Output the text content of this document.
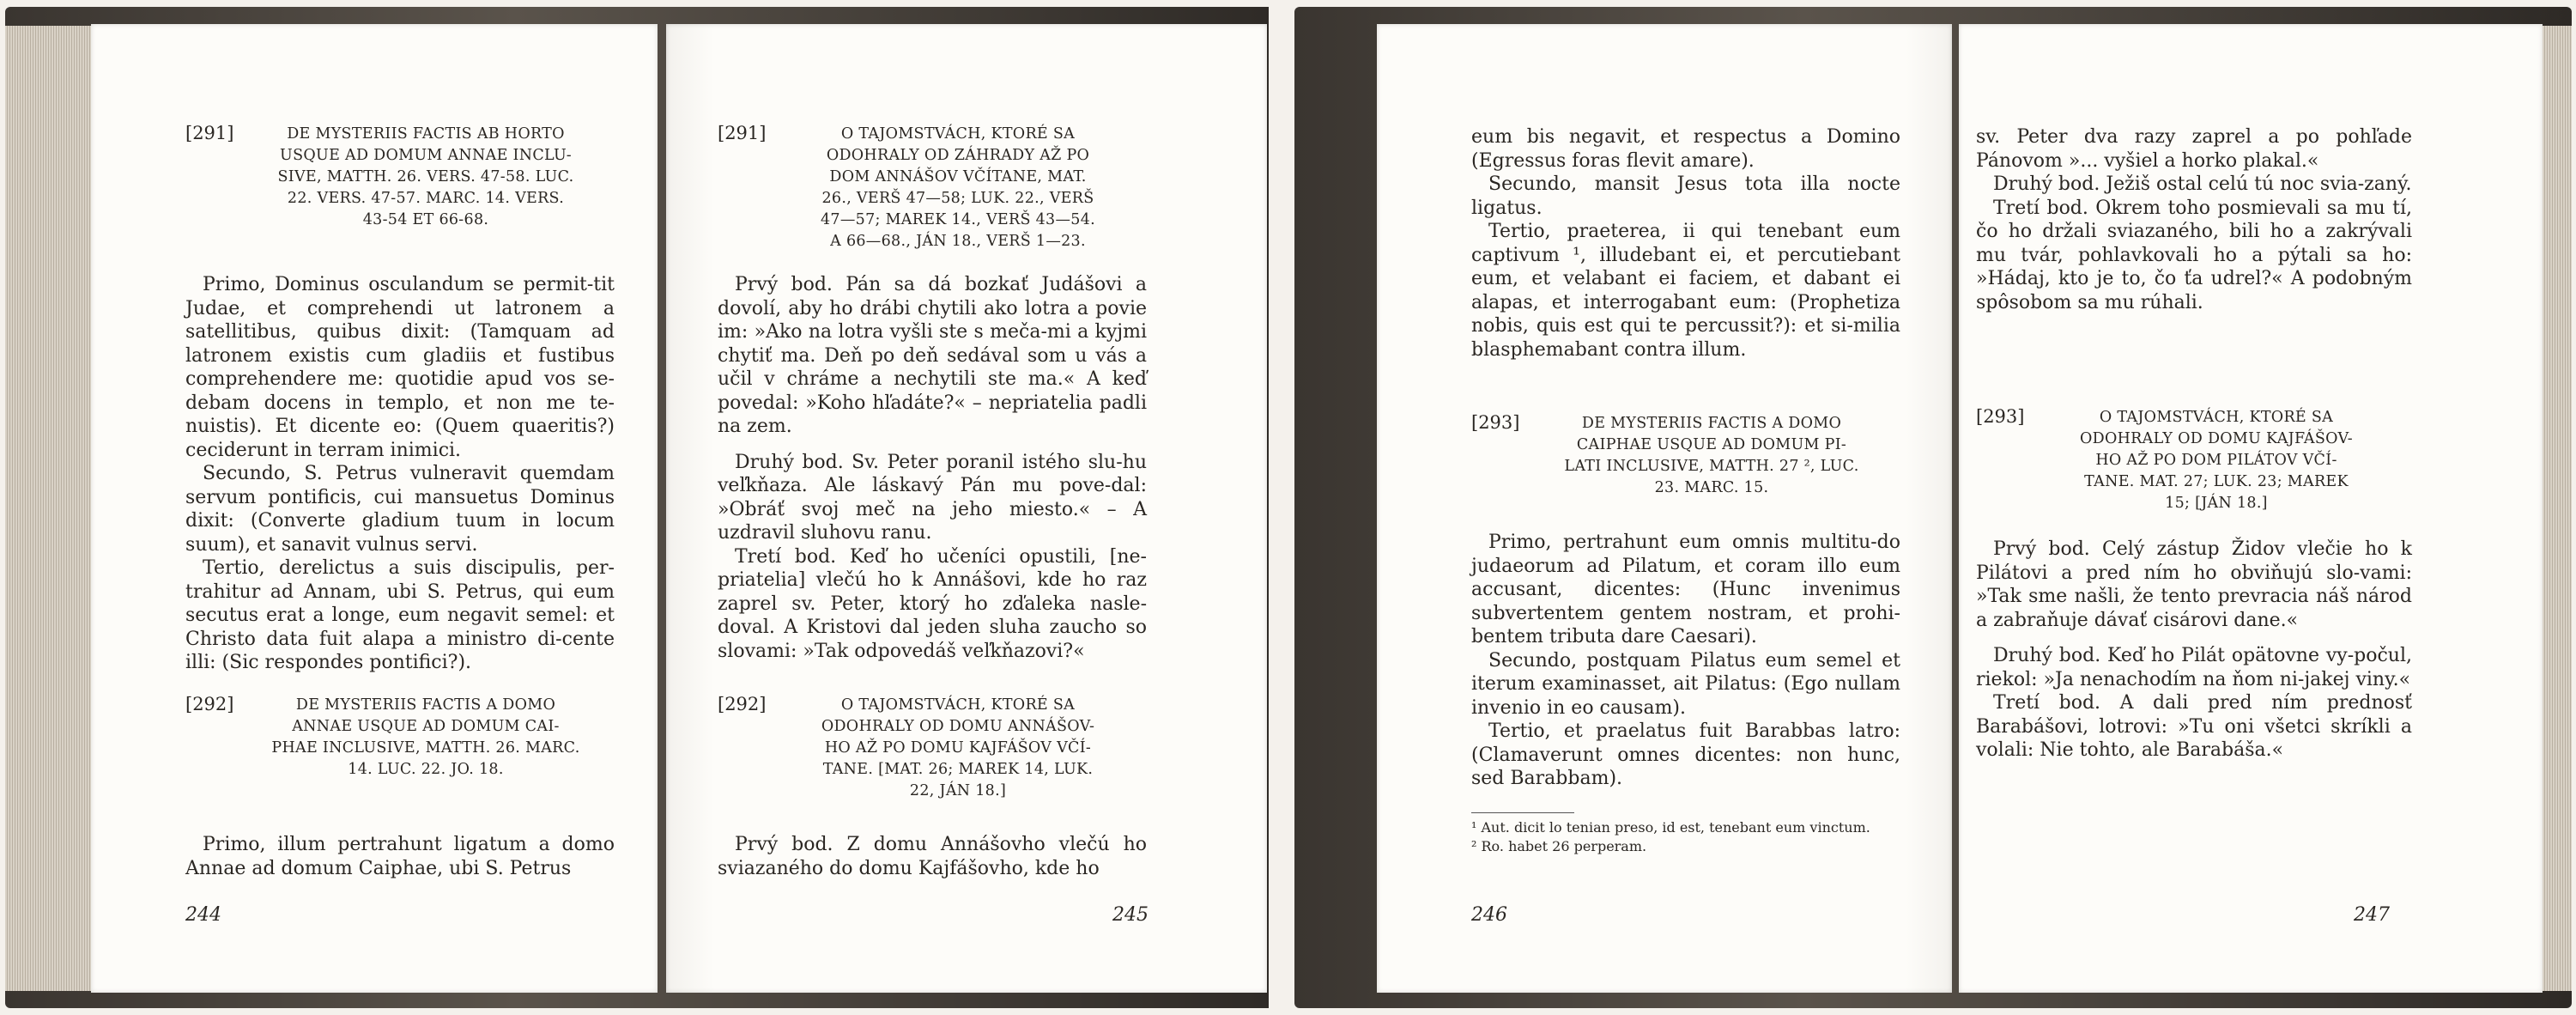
[291]	DE MYSTERIIS FACTIS AB HORTO
USQUE AD DOMUM ANNAE INCLU-
SIVE, MATTH. 26. VERS. 47-58. LUC.
22. VERS. 47-57. MARC. 14. VERS.
43-54 ET 66-68.

Primo, Dominus osculandum se permit-tit Judae, et comprehendi ut latronem a satellitibus, quibus dixit: (Tamquam ad latronem existis cum gladiis et fustibus comprehendere me: quotidie apud vos se-debam docens in templo, et non me te-nuistis). Et dicente eo: (Quem quaeritis?) ceciderunt in terram inimici.

Secundo, S. Petrus vulneravit quemdam servum pontificis, cui mansuetus Dominus dixit: (Converte gladium tuum in locum suum), et sanavit vulnus servi.

Tertio, derelictus a suis discipulis, per-trahitur ad Annam, ubi S. Petrus, qui eum secutus erat a longe, eum negavit semel: et Christo data fuit alapa a ministro di-cente illi: (Sic respondes pontifici?).

[292]	DE MYSTERIIS FACTIS A DOMO
ANNAE USQUE AD DOMUM CAI-
PHAE INCLUSIVE, MATTH. 26. MARC.
14. LUC. 22. JO. 18.

Primo, illum pertrahunt ligatum a domo Annae ad domum Caiphae, ubi S. Petrus

244
[291]	O TAJOMSTVÁCH, KTORÉ SA
ODOHRALY OD ZÁHRADY AŽ PO
DOM ANNÁŠOV VČÍTANE, MAT.
26., VERŠ 47—58; LUK. 22., VERŠ
47—57; MAREK 14., VERŠ 43—54.
A 66—68., JÁN 18., VERŠ 1—23.

Prvý bod. Pán sa dá bozkať Judášovi a dovolí, aby ho drábi chytili ako lotra a povie im: »Ako na lotra vyšli ste s meča-mi a kyjmi chytiť ma. Deň po deň sedával som u vás a učil v chráme a nechytili ste ma.« A keď povedal: »Koho hľadáte?« – nepriatelia padli na zem.

Druhý bod. Sv. Peter poranil istého slu-hu veľkňaza. Ale láskavý Pán mu pove-dal: »Obráť svoj meč na jeho miesto.« – A uzdravil sluhovu ranu.

Tretí bod. Keď ho učeníci opustili, [ne-priatelia] vlečú ho k Annášovi, kde ho raz zaprel sv. Peter, ktorý ho zďaleka nasle-doval. A Kristovi dal jeden sluha zaucho so slovami: »Tak odpovedáš veľkňazovi?«

[292]	O TAJOMSTVÁCH, KTORÉ SA
ODOHRALY OD DOMU ANNÁŠOV-
HO AŽ PO DOMU KAJFÁŠOV VČÍ-
TANE. [MAT. 26; MAREK 14, LUK.
22, JÁN 18.]

Prvý bod. Z domu Annášovho vlečú ho sviazaného do domu Kajfášovho, kde ho

245

eum bis negavit, et respectus a Domino (Egressus foras flevit amare).

Secundo, mansit Jesus tota illa nocte ligatus.

Tertio, praeterea, ii qui tenebant eum captivum ¹, illudebant ei, et percutiebant eum, et velabant ei faciem, et dabant ei alapas, et interrogabant eum: (Prophetiza nobis, quis est qui te percussit?): et si-milia blasphemabant contra illum.

[293]	DE MYSTERIIS FACTIS A DOMO
CAIPHAE USQUE AD DOMUM PI-
LATI INCLUSIVE, MATTH. 27 ², LUC.
23. MARC. 15.

Primo, pertrahunt eum omnis multitu-do judaeorum ad Pilatum, et coram illo eum accusant, dicentes: (Hunc invenimus subvertentem gentem nostram, et prohi-bentem tributa dare Caesari).

Secundo, postquam Pilatus eum semel et iterum examinasset, ait Pilatus: (Ego nullam invenio in eo causam).

Tertio, et praelatus fuit Barabbas latro: (Clamaverunt omnes dicentes: non hunc, sed Barabbam).

¹ Aut. dicit lo tenian preso, id est, tenebant eum vinctum.
² Ro. habet 26 perperam.
246

sv. Peter dva razy zaprel a po pohľade Pánovom »... vyšiel a horko plakal.«

Druhý bod. Ježiš ostal celú tú noc svia-zaný.

Tretí bod. Okrem toho posmievali sa mu tí, čo ho držali sviazaného, bili ho a zakrývali mu tvár, pohlavkovali ho a pýtali sa ho: »Hádaj, kto je to, čo ťa udrel?« A podobným spôsobom sa mu rúhali.

[293]	O TAJOMSTVÁCH, KTORÉ SA
ODOHRALY OD DOMU KAJFÁŠOV-
HO AŽ PO DOM PILÁTOV VČÍ-
TANE. MAT. 27; LUK. 23; MAREK
15; [JÁN 18.]

Prvý bod. Celý zástup Židov vlečie ho k Pilátovi a pred ním ho obviňujú slo-vami: »Tak sme našli, že tento prevracia náš národ a zabraňuje dávať cisárovi dane.«

Druhý bod. Keď ho Pilát opätovne vy-počul, riekol: »Ja nenachodím na ňom ni-jakej viny.«

Tretí bod. A dali pred ním prednosť Barabášovi, lotrovi: »Tu oni všetci skríkli a volali: Nie tohto, ale Barabáša.«

247
